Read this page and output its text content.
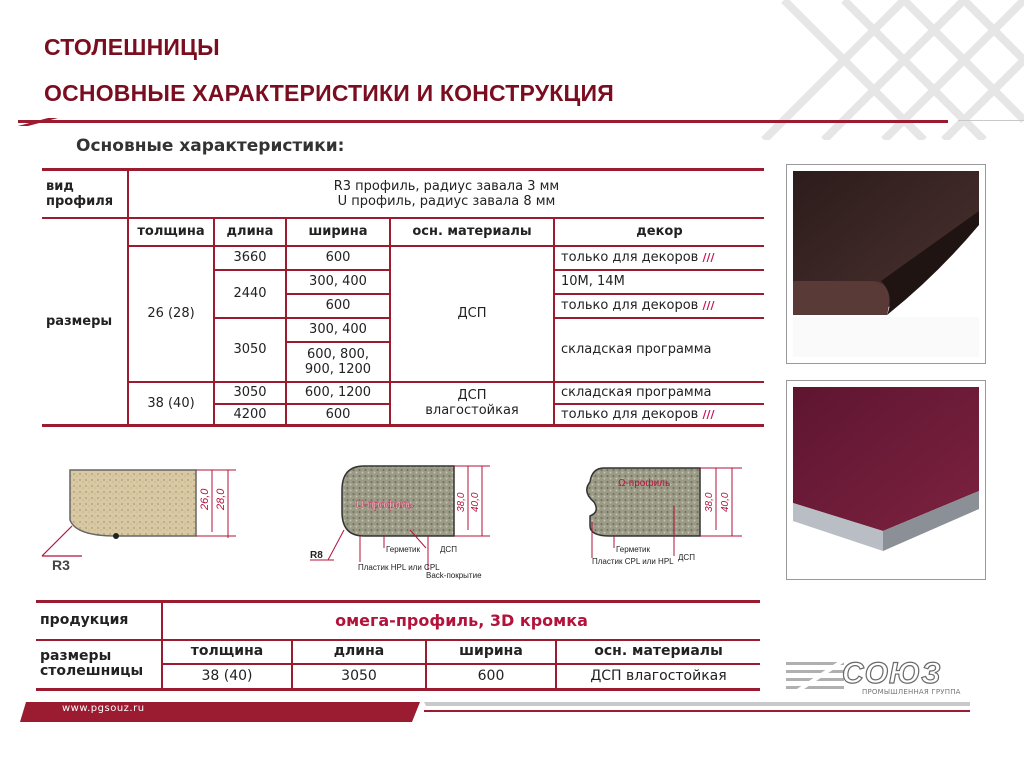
СТОЛЕШНИЦЫ
ОСНОВНЫЕ ХАРАКТЕРИСТИКИ И КОНСТРУКЦИЯ
Основные характеристики:
вид профиля	R3 профиль, радиус завала 3 мм
U профиль, радиус завала 8 мм				

размеры	толщина	длина	ширина	осн. материалы	декор
	26 (28)	3660	600	ДСП	только для декоров ∕∕∕
		2440	300, 400		10М, 14М
			600		только для декоров ∕∕∕
		3050	300, 400		складская программа

			600, 800, 900, 1200		

	38 (40)	3050	600, 1200	ДСП влагостойкая	складская программа
		4200	600		только для декоров ∕∕∕
26,0 28,0
R3
38,0 40,0
U-профиль
R8
Пластик HPL или CPL
Герметик ДСП
Back-покрытие
38,0 40,0
Ω-профиль
Пластик CPL или HPL
Герметик
ДСП
продукция	омега-профиль, 3D кромка			

размеры столешницы	толщина	длина	ширина	осн. материалы
	38 (40)	3050	600	ДСП влагостойкая	СОЮЗ
ПРОМЫШЛЕННАЯ ГРУППА
www.pgsouz.ru
